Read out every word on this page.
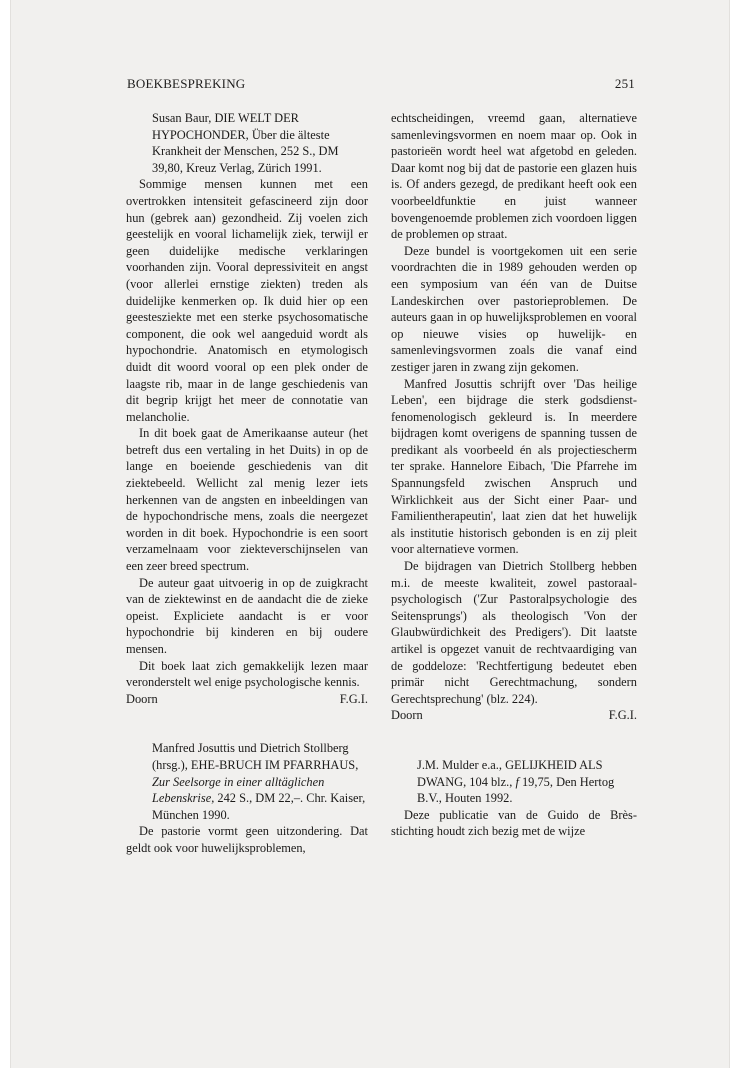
BOEKBESPREKING	251

Susan Baur, DIE WELT DER HYPOCHONDER, Über die älteste Krankheit der Menschen, 252 S., DM 39,80, Kreuz Verlag, Zürich 1991.

Sommige mensen kunnen met een overtrokken intensiteit gefascineerd zijn door hun (gebrek aan) gezondheid. Zij voelen zich geestelijk en vooral lichamelijk ziek, terwijl er geen duidelijke medische verklaringen voorhanden zijn. Vooral depressiviteit en angst (voor allerlei ernstige ziekten) treden als duidelijke kenmerken op. Ik duid hier op een geestesziekte met een sterke psychosomatische component, die ook wel aangeduid wordt als hypochondrie. Anatomisch en etymologisch duidt dit woord vooral op een plek onder de laagste rib, maar in de lange geschiedenis van dit begrip krijgt het meer de connotatie van melancholie.

In dit boek gaat de Amerikaanse auteur (het betreft dus een vertaling in het Duits) in op de lange en boeiende geschiedenis van dit ziektebeeld. Wellicht zal menig lezer iets herkennen van de angsten en inbeeldingen van de hypochondrische mens, zoals die neergezet worden in dit boek. Hypochondrie is een soort verzamelnaam voor ziekteverschijnselen van een zeer breed spectrum.

De auteur gaat uitvoerig in op de zuigkracht van de ziektewinst en de aandacht die de zieke opeist. Expliciete aandacht is er voor hypochondrie bij kinderen en bij oudere mensen.

Dit boek laat zich gemakkelijk lezen maar veronderstelt wel enige psychologische kennis.

Doorn	F.G.I.

Manfred Josuttis und Dietrich Stollberg (hrsg.), EHE-BRUCH IM PFARRHAUS, Zur Seelsorge in einer alltäglichen Lebenskrise, 242 S., DM 22,–. Chr. Kaiser, München 1990.

De pastorie vormt geen uitzondering. Dat geldt ook voor huwelijksproblemen,

echtscheidingen, vreemd gaan, alternatieve samenlevingsvormen en noem maar op. Ook in pastorieën wordt heel wat afgetobd en geleden. Daar komt nog bij dat de pastorie een glazen huis is. Of anders gezegd, de predikant heeft ook een voorbeeldfunktie en juist wanneer bovengenoemde problemen zich voordoen liggen de problemen op straat.

Deze bundel is voortgekomen uit een serie voordrachten die in 1989 gehouden werden op een symposium van één van de Duitse Landeskirchen over pastorieproblemen. De auteurs gaan in op huwelijksproblemen en vooral op nieuwe visies op huwelijk- en samenlevingsvormen zoals die vanaf eind zestiger jaren in zwang zijn gekomen.

Manfred Josuttis schrijft over 'Das heilige Leben', een bijdrage die sterk godsdienst-fenomenologisch gekleurd is. In meerdere bijdragen komt overigens de spanning tussen de predikant als voorbeeld én als projectiescherm ter sprake. Hannelore Eibach, 'Die Pfarrehe im Spannungsfeld zwischen Anspruch und Wirklichkeit aus der Sicht einer Paar- und Familientherapeutin', laat zien dat het huwelijk als institutie historisch gebonden is en zij pleit voor alternatieve vormen.

De bijdragen van Dietrich Stollberg hebben m.i. de meeste kwaliteit, zowel pastoraal-psychologisch ('Zur Pastoralpsychologie des Seitensprungs') als theologisch 'Von der Glaubwürdichkeit des Predigers'). Dit laatste artikel is opgezet vanuit de rechtvaardiging van de goddeloze: 'Rechtfertigung bedeutet eben primär nicht Gerechtmachung, sondern Gerechtsprechung' (blz. 224).

Doorn	F.G.I.

J.M. Mulder e.a., GELIJKHEID ALS DWANG, 104 blz., f 19,75, Den Hertog B.V., Houten 1992.

Deze publicatie van de Guido de Brès-stichting houdt zich bezig met de wijze
